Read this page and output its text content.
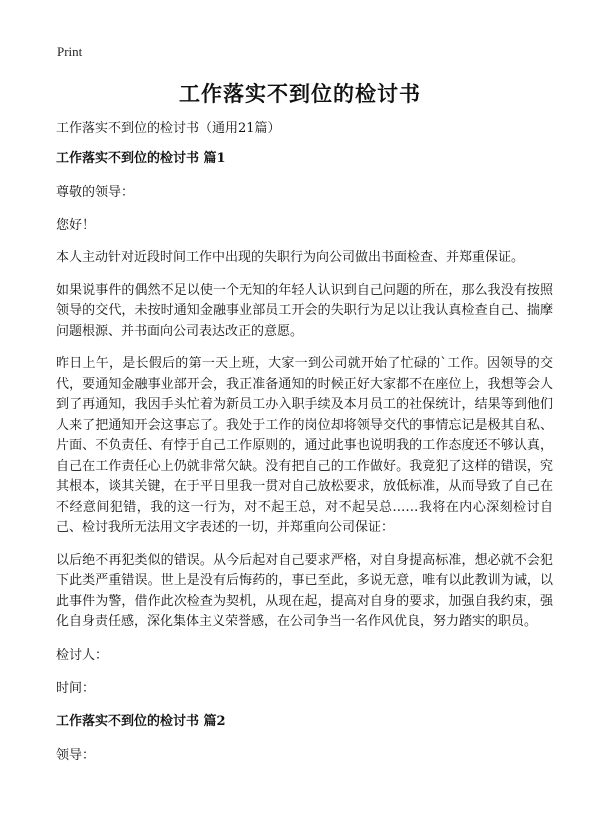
Print
工作落实不到位的检讨书
工作落实不到位的检讨书（通用21篇）
工作落实不到位的检讨书 篇1
尊敬的领导：
您好！
本人主动针对近段时间工作中出现的失职行为向公司做出书面检查、并郑重保证。
如果说事件的偶然不足以使一个无知的年轻人认识到自己问题的所在，那么我没有按照领导的交代，未按时通知金融事业部员工开会的失职行为足以让我认真检查自己、揣摩问题根源、并书面向公司表达改正的意愿。
昨日上午，是长假后的第一天上班，大家一到公司就开始了忙碌的`工作。因领导的交代，要通知金融事业部开会，我正准备通知的时候正好大家都不在座位上，我想等会人到了再通知，我因手头忙着为新员工办入职手续及本月员工的社保统计，结果等到他们人来了把通知开会这事忘了。我处于工作的岗位却将领导交代的事情忘记是极其自私、片面、不负责任、有悖于自己工作原则的，通过此事也说明我的工作态度还不够认真，自己在工作责任心上仍就非常欠缺。没有把自己的工作做好。我竟犯了这样的错误，究其根本，谈其关键，在于平日里我一贯对自己放松要求，放低标准，从而导致了自己在不经意间犯错，我的这一行为，对不起王总，对不起吴总……我将在内心深刻检讨自己、检讨我所无法用文字表述的一切，并郑重向公司保证：
以后绝不再犯类似的错误。从今后起对自己要求严格，对自身提高标准，想必就不会犯下此类严重错误。世上是没有后悔药的，事已至此，多说无意，唯有以此教训为诫，以此事件为警，借作此次检查为契机，从现在起，提高对自身的要求，加强自我约束，强化自身责任感，深化集体主义荣誉感，在公司争当一名作风优良，努力踏实的职员。
检讨人：
时间：
工作落实不到位的检讨书 篇2
领导：
